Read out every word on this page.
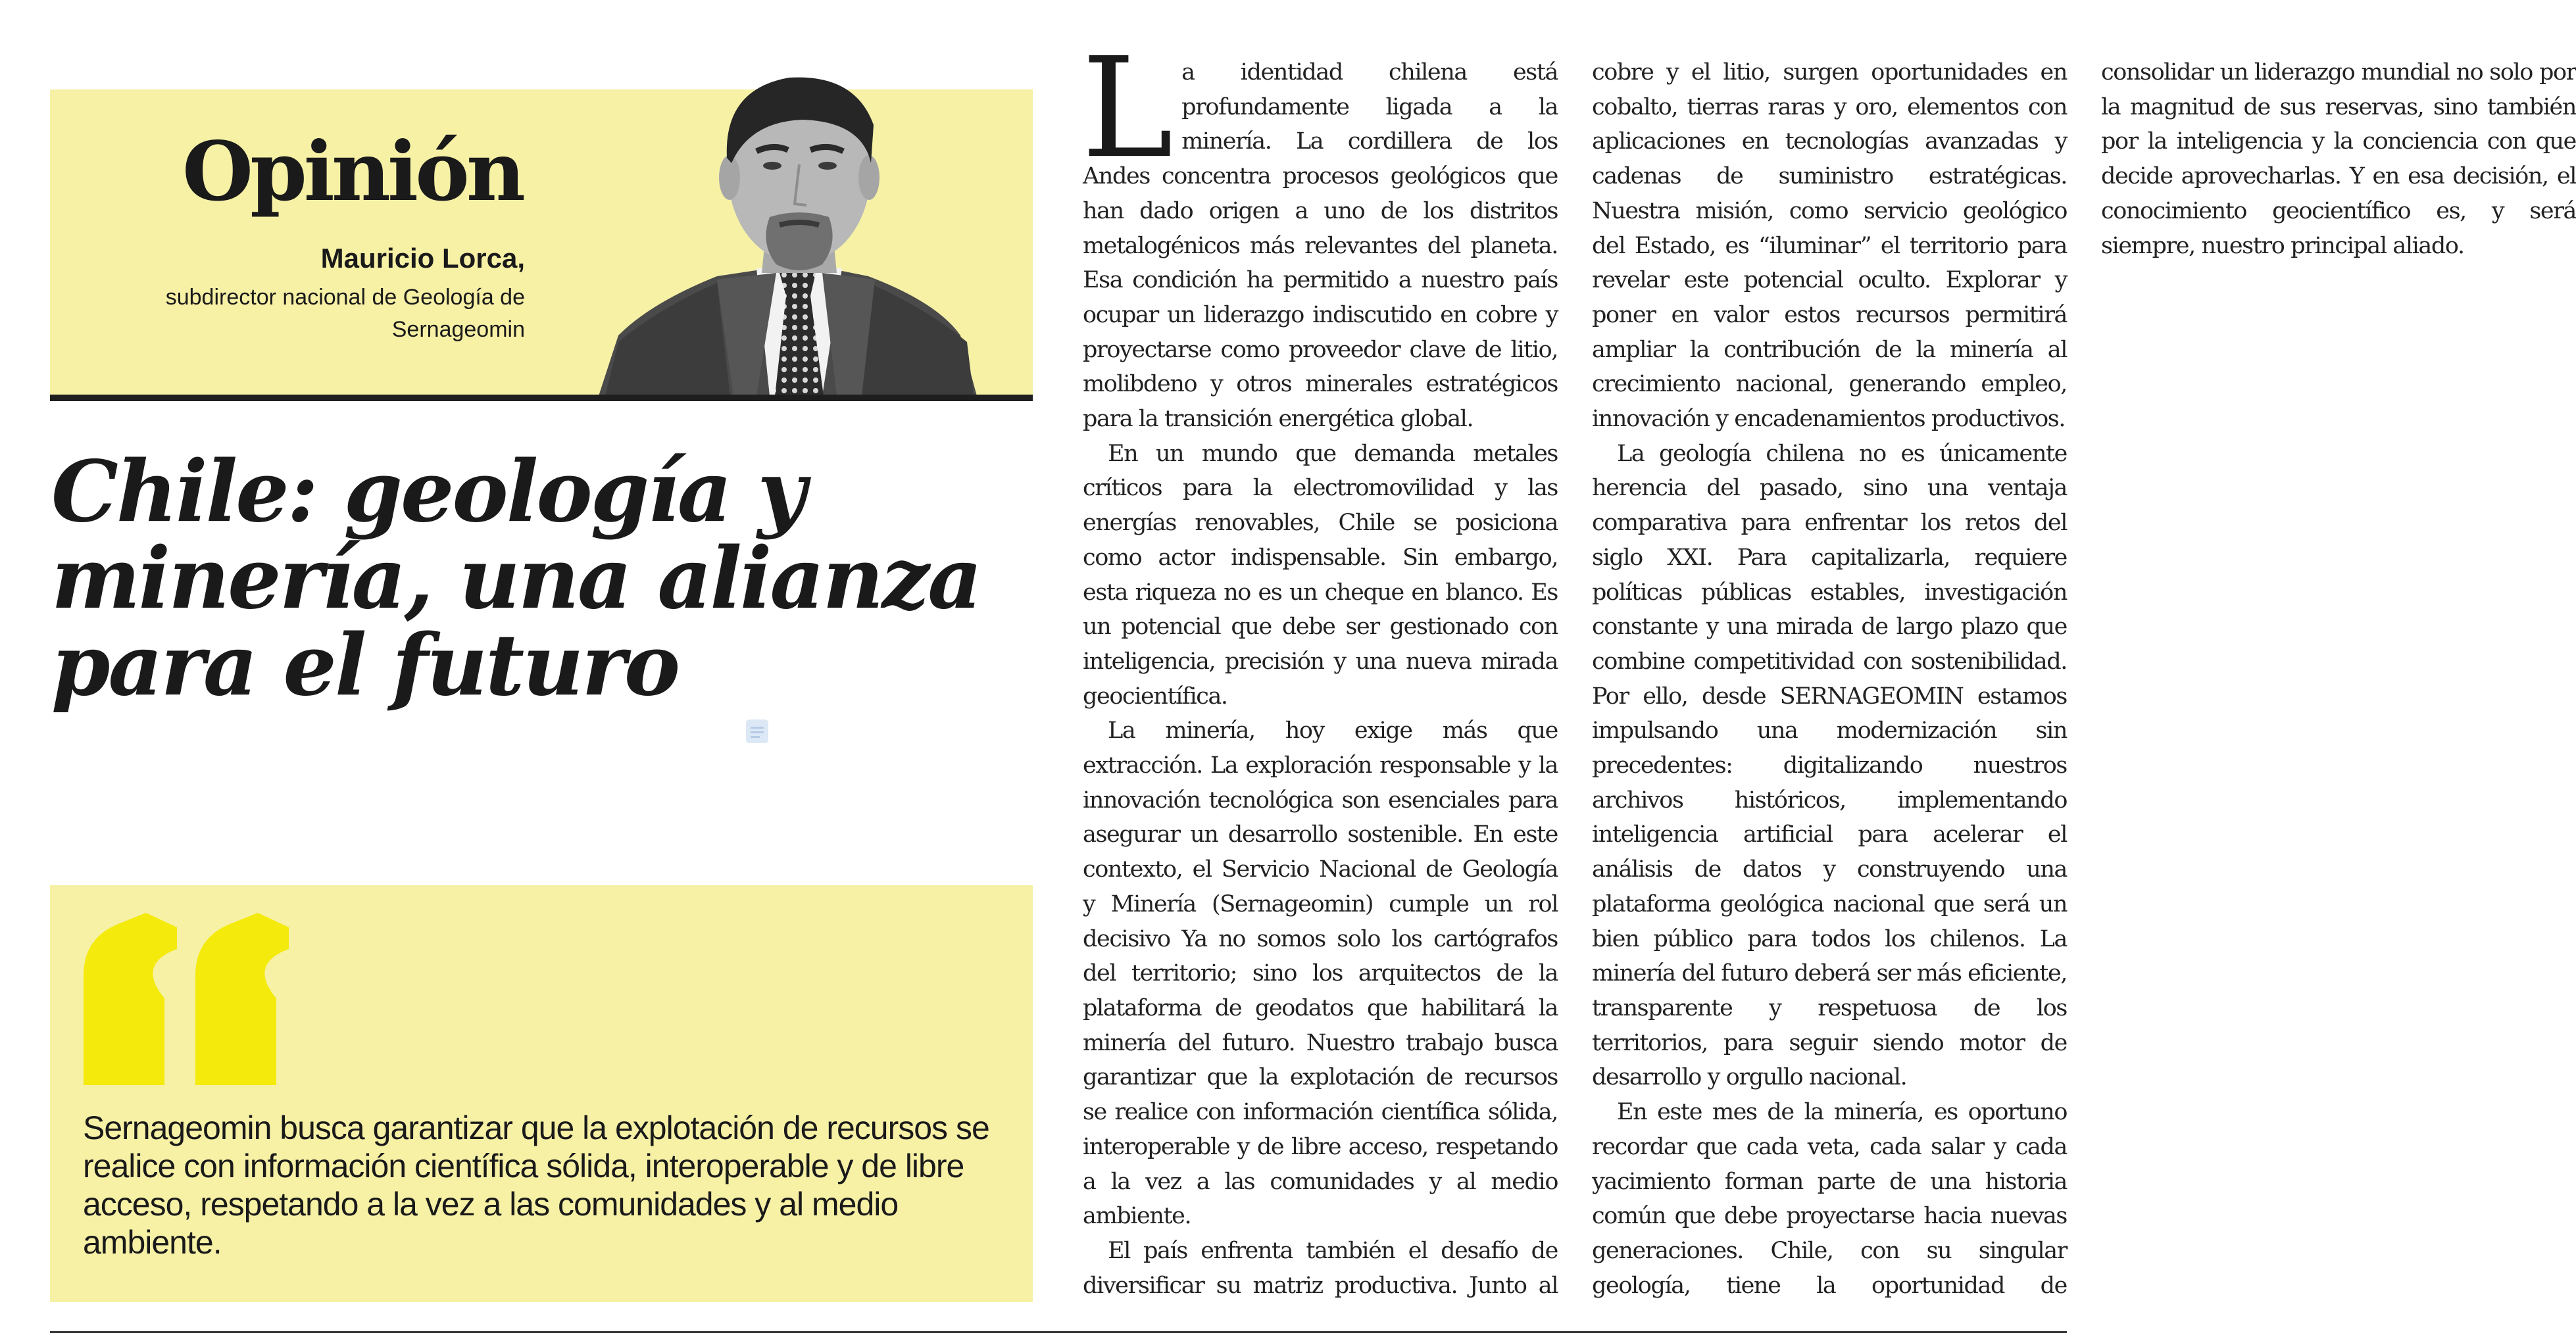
Opinión
Mauricio Lorca,
subdirector nacional de Geología de Sernageomin
Chile: geología y minería, una alianza para el futuro

Sernageomin busca garantizar que la explotación de recursos se realice con información científica sólida, interoperable y de libre acceso, respetando a la vez a las comunidades y al medio ambiente.

La identidad chilena está profundamente ligada a la minería. La cordillera de los Andes concentra procesos geológicos que han dado origen a uno de los distritos metalogénicos más relevantes del planeta. Esa condición ha permitido a nuestro país ocupar un liderazgo indiscutido en cobre y proyectarse como proveedor clave de litio, molibdeno y otros minerales estratégicos para la transición energética global.

En un mundo que demanda metales críticos para la electromovilidad y las energías renovables, Chile se posiciona como actor indispensable. Sin embargo, esta riqueza no es un cheque en blanco. Es un potencial que debe ser gestionado con inteligencia, precisión y una nueva mirada geocientífica.

La minería, hoy exige más que extracción. La exploración responsable y la innovación tecnológica son esenciales para asegurar un desarrollo sostenible. En este contexto, el Servicio Nacional de Geología y Minería (Sernageomin) cumple un rol decisivo Ya no somos solo los cartógrafos del territorio; sino los arquitectos de la plataforma de geodatos que habilitará la minería del futuro. Nuestro trabajo busca garantizar que la explotación de recursos se realice con información científica sólida, interoperable y de libre acceso, respetando a la vez a las comunidades y al medio ambiente.

El país enfrenta también el desafío de diversificar su matriz productiva. Junto al cobre y el litio, surgen oportunidades en cobalto, tierras raras y oro, elementos con aplicaciones en tecnologías avanzadas y cadenas de suministro estratégicas. Nuestra misión, como servicio geológico del Estado, es “iluminar” el territorio para revelar este potencial oculto. Explorar y poner en valor estos recursos permitirá ampliar la contribución de la minería al crecimiento nacional, generando empleo, innovación y encadenamientos productivos.

La geología chilena no es únicamente herencia del pasado, sino una ventaja comparativa para enfrentar los retos del siglo XXI. Para capitalizarla, requiere políticas públicas estables, investigación constante y una mirada de largo plazo que combine competitividad con sostenibilidad. Por ello, desde SERNAGEOMIN estamos impulsando una modernización sin precedentes: digitalizando nuestros archivos históricos, implementando inteligencia artificial para acelerar el análisis de datos y construyendo una plataforma geológica nacional que será un bien público para todos los chilenos. La minería del futuro deberá ser más eficiente, transparente y respetuosa de los territorios, para seguir siendo motor de desarrollo y orgullo nacional.

En este mes de la minería, es oportuno recordar que cada veta, cada salar y cada yacimiento forman parte de una historia común que debe proyectarse hacia nuevas generaciones. Chile, con su singular geología, tiene la oportunidad de consolidar un liderazgo mundial no solo por la magnitud de sus reservas, sino también por la inteligencia y la conciencia con que decide aprovecharlas. Y en esa decisión, el conocimiento geocientífico es, y será siempre, nuestro principal aliado.
